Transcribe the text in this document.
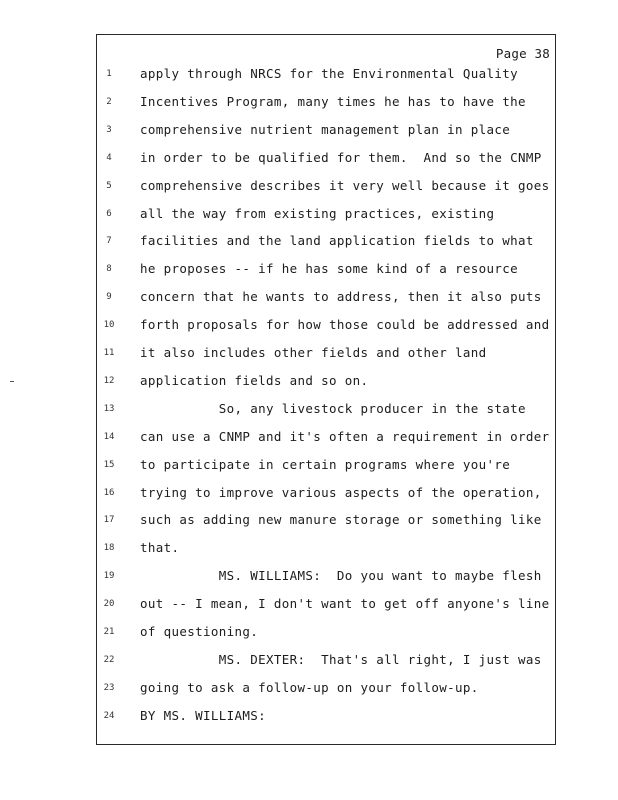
Page 38
1	apply through NRCS for the Environmental Quality
2	Incentives Program, many times he has to have the
3	comprehensive nutrient management plan in place
4	in order to be qualified for them.  And so the CNMP
5	comprehensive describes it very well because it goes
6	all the way from existing practices, existing
7	facilities and the land application fields to what
8	he proposes -- if he has some kind of a resource
9	concern that he wants to address, then it also puts
10	forth proposals for how those could be addressed and
11	it also includes other fields and other land
12	application fields and so on.
13	So, any livestock producer in the state
14	can use a CNMP and it's often a requirement in order
15	to participate in certain programs where you're
16	trying to improve various aspects of the operation,
17	such as adding new manure storage or something like
18	that.
19	MS. WILLIAMS:  Do you want to maybe flesh
20	out -- I mean, I don't want to get off anyone's line
21	of questioning.
22	MS. DEXTER:  That's all right, I just was
23	going to ask a follow-up on your follow-up.
24	BY MS. WILLIAMS:
